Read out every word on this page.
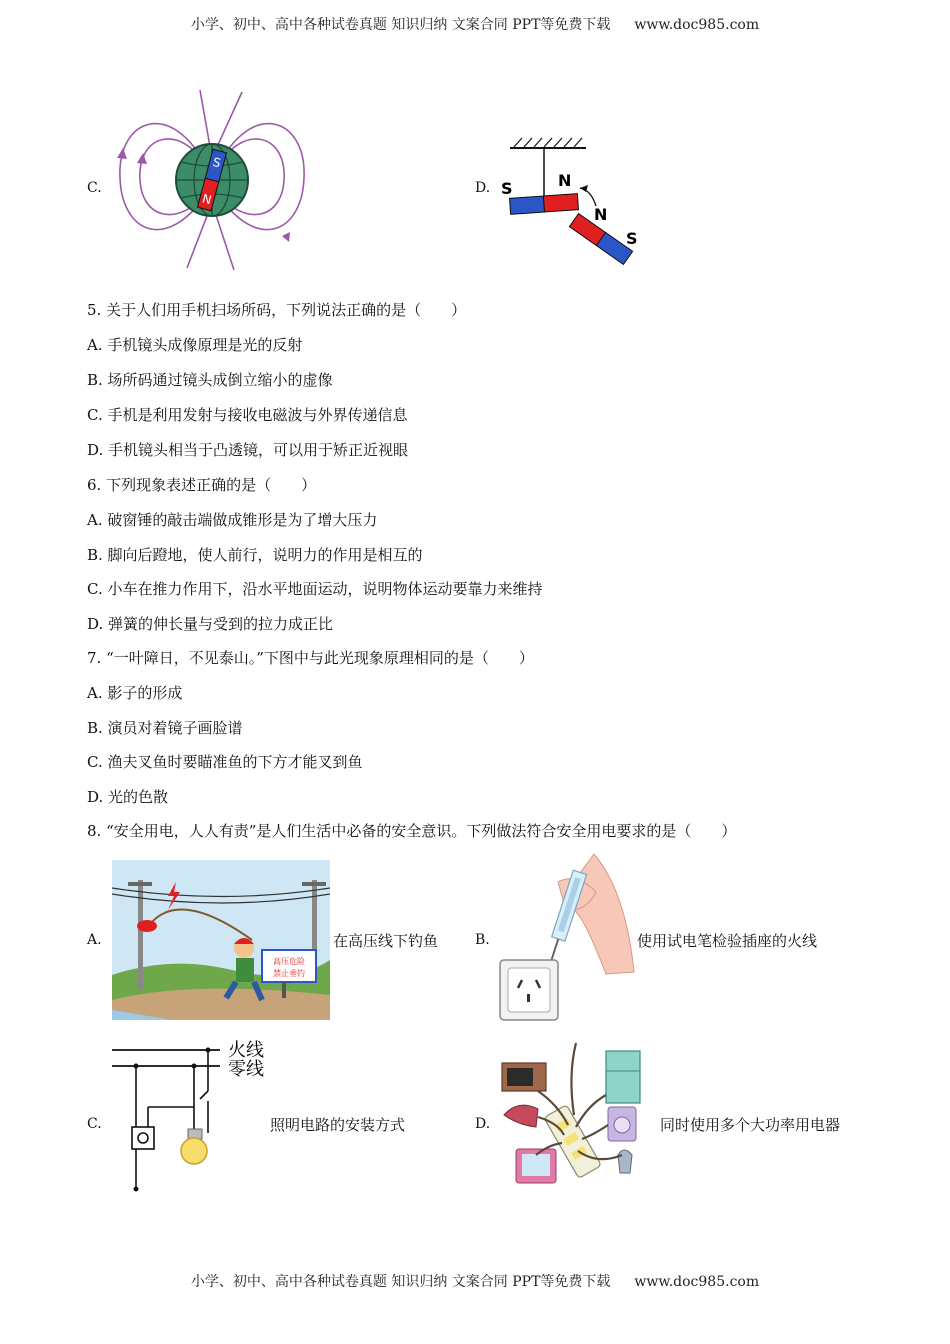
小学、初中、高中各种试卷真题 知识归纳 文案合同 PPT等免费下载 www.doc985.com
C.
S
N
D. S	N
N
S
5. 关于人们用手机扫场所码，下列说法正确的是（　　）
A. 手机镜头成像原理是光的反射
B. 场所码通过镜头成倒立缩小的虚像
C. 手机是利用发射与接收电磁波与外界传递信息
D. 手机镜头相当于凸透镜，可以用于矫正近视眼
6. 下列现象表述正确的是（　　）
A. 破窗锤的敲击端做成锥形是为了增大压力
B. 脚向后蹬地，使人前行，说明力的作用是相互的
C. 小车在推力作用下，沿水平地面运动，说明物体运动要靠力来维持
D. 弹簧的伸长量与受到的拉力成正比
7. “一叶障日，不见泰山。”下图中与此光现象原理相同的是（　　）
A. 影子的形成
B. 演员对着镜子画脸谱
C. 渔夫叉鱼时要瞄准鱼的下方才能叉到鱼
D. 光的色散
8. “安全用电，人人有责”是人们生活中必备的安全意识。下列做法符合安全用电要求的是（　　）
A.
高压危险
禁止垂钓
在高压线下钓鱼	B.	使用试电笔检验插座的火线
C.
火线
零线
照明电路的安装方式	D.	同时使用多个大功率用电器
小学、初中、高中各种试卷真题 知识归纳 文案合同 PPT等免费下载 www.doc985.com
